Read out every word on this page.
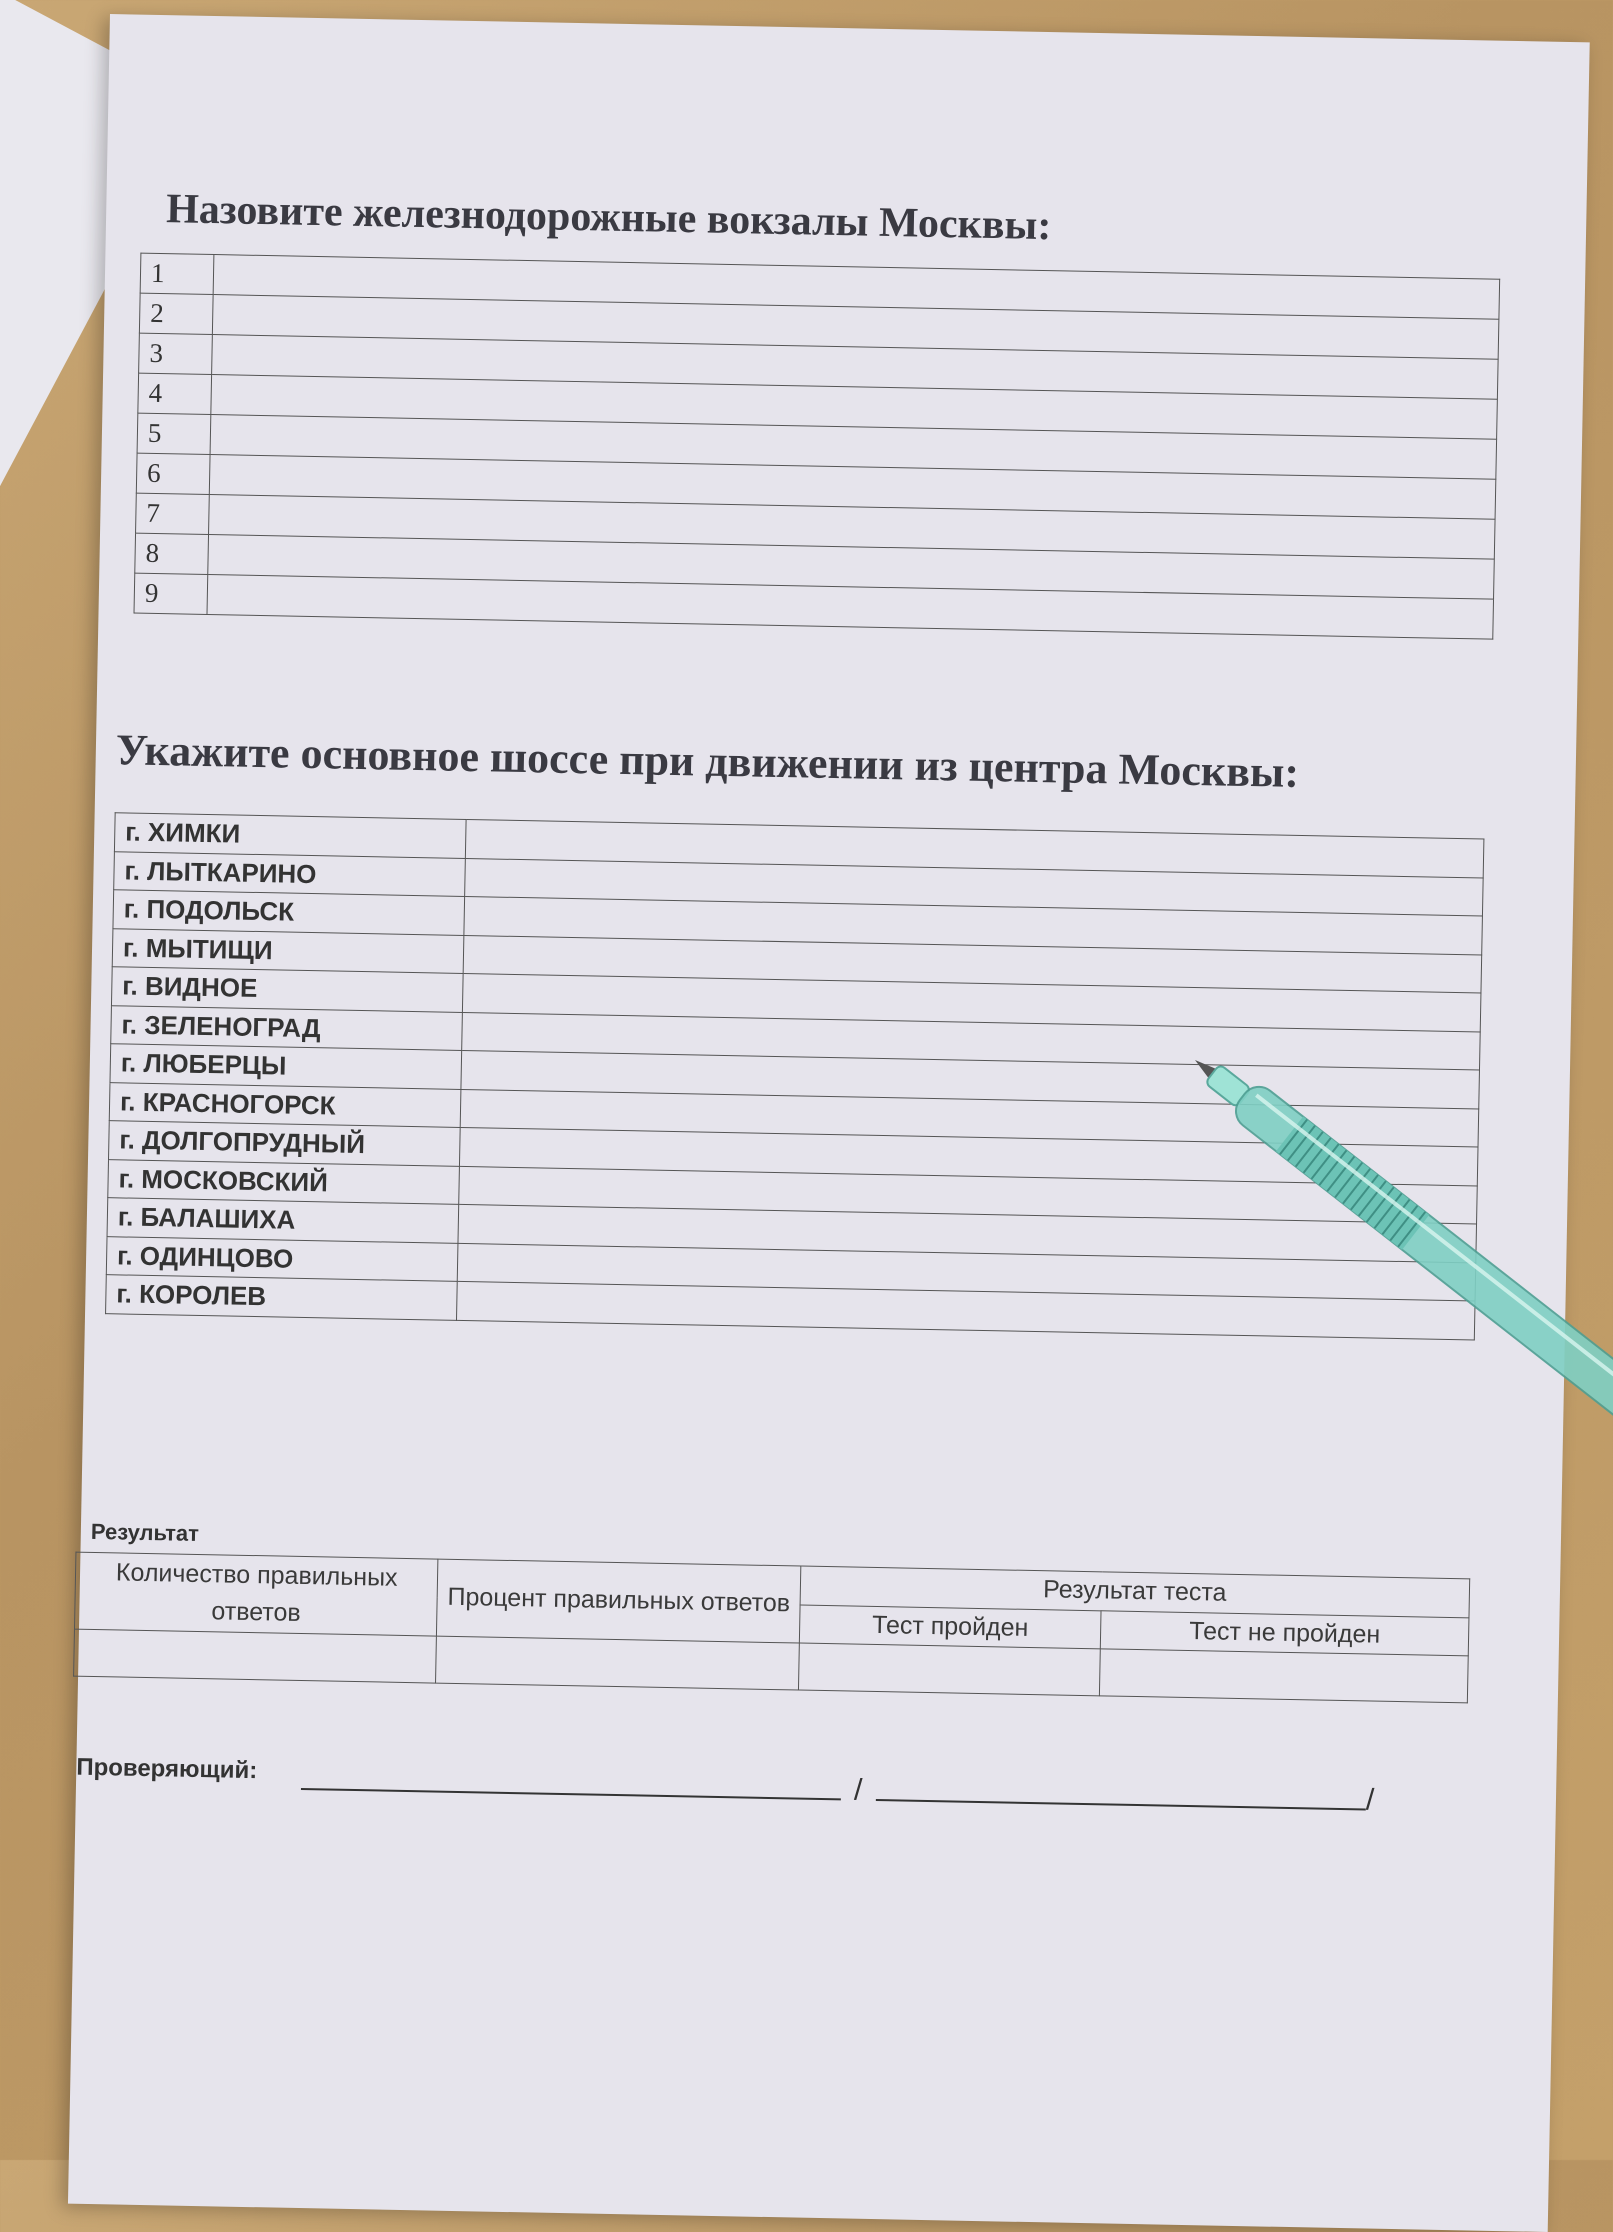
Назовите железнодорожные вокзалы Москвы:
1	
2	
3	
4	
5	
6	
7	
8	
9	
Укажите основное шоссе при движении из центра Москвы:
г. ХИМКИ	
г. ЛЫТКАРИНО	
г. ПОДОЛЬСК	
г. МЫТИЩИ	
г. ВИДНОЕ	
г. ЗЕЛЕНОГРАД	
г. ЛЮБЕРЦЫ	
г. КРАСНОГОРСК	
г. ДОЛГОПРУДНЫЙ	
г. МОСКОВСКИЙ	
г. БАЛАШИХА	
г. ОДИНЦОВО	
г. КОРОЛЕВ	
Результат
Количество правильных ответов	Процент правильных ответов	Результат теста	
		Тест пройден	Тест не пройден

Проверяющий:
/	/
